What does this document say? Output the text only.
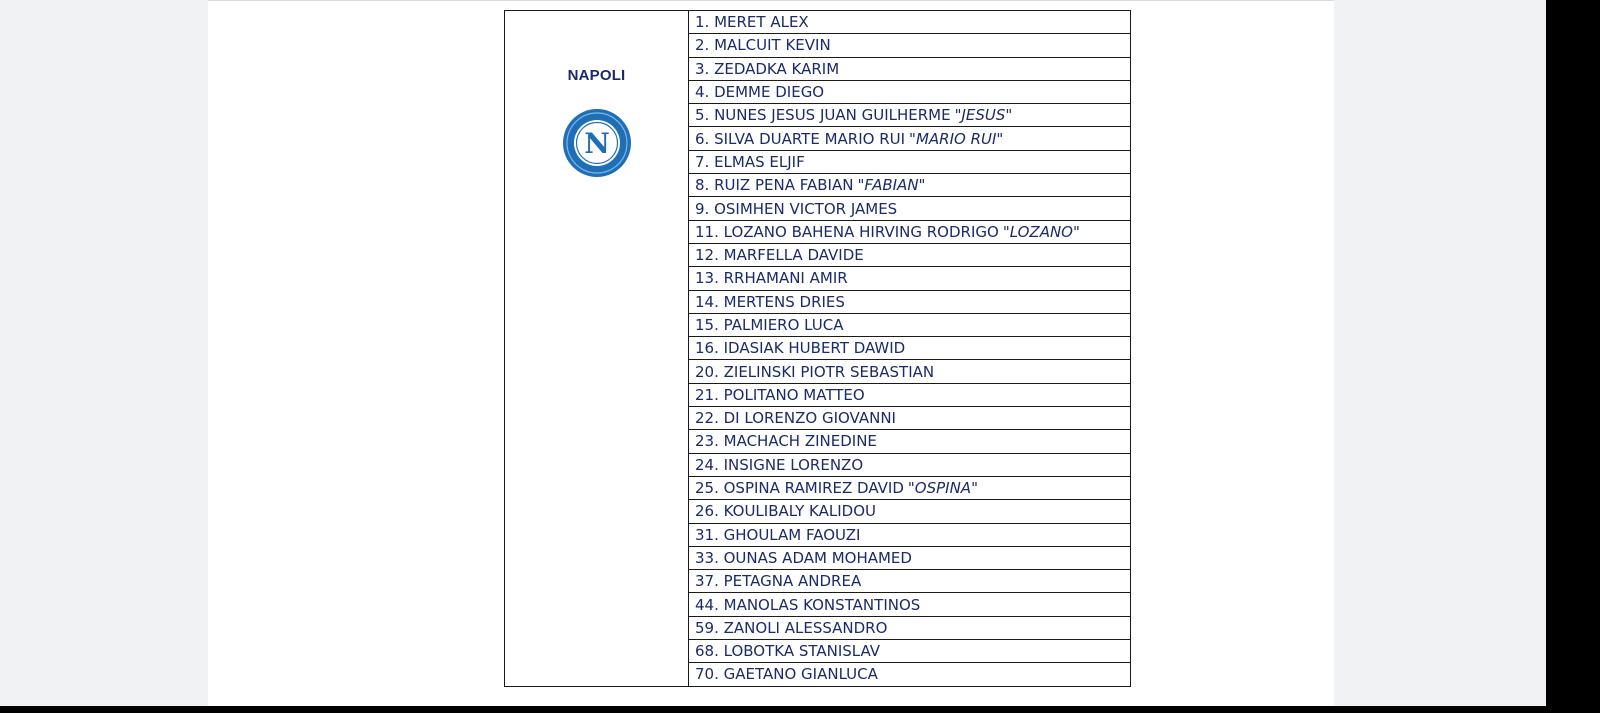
NAPOLI
N
	1. MERET ALEX
2. MALCUIT KEVIN
3. ZEDADKA KARIM
4. DEMME DIEGO
5. NUNES JESUS JUAN GUILHERME "JESUS"
6. SILVA DUARTE MARIO RUI "MARIO RUI"
7. ELMAS ELJIF
8. RUIZ PENA FABIAN "FABIAN"
9. OSIMHEN VICTOR JAMES
11. LOZANO BAHENA HIRVING RODRIGO "LOZANO"
12. MARFELLA DAVIDE
13. RRHAMANI AMIR
14. MERTENS DRIES
15. PALMIERO LUCA
16. IDASIAK HUBERT DAWID
20. ZIELINSKI PIOTR SEBASTIAN
21. POLITANO MATTEO
22. DI LORENZO GIOVANNI
23. MACHACH ZINEDINE
24. INSIGNE LORENZO
25. OSPINA RAMIREZ DAVID "OSPINA"
26. KOULIBALY KALIDOU
31. GHOULAM FAOUZI
33. OUNAS ADAM MOHAMED
37. PETAGNA ANDREA
44. MANOLAS KONSTANTINOS
59. ZANOLI ALESSANDRO
68. LOBOTKA STANISLAV
70. GAETANO GIANLUCA
